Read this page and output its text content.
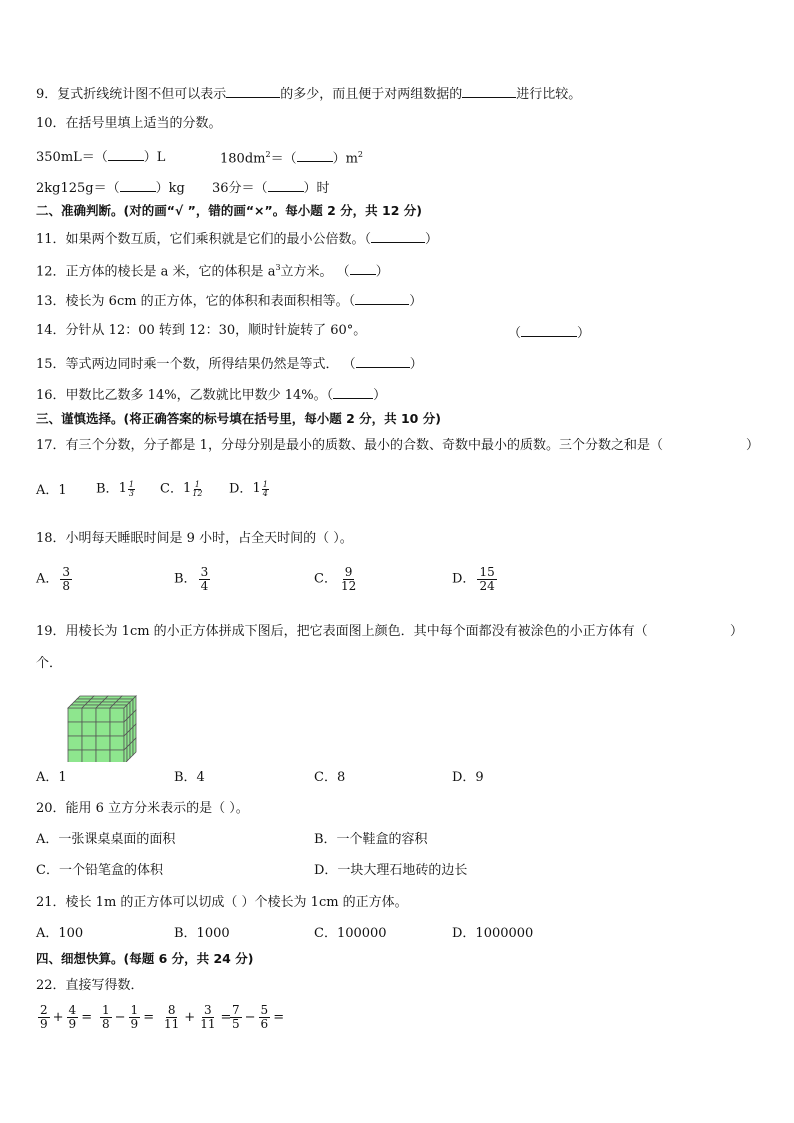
9．复式折线统计图不但可以表示	的多少，而且便于对两组数据的	进行比较。
10．在括号里填上适当的分数。
350mL＝（	）L	$180dm^2=$（	）$m^2$
2kg125g＝（	）kg 36分＝（	）时
二、准确判断。(对的画“√ ”，错的画“×”。每小题 2 分，共 12 分)
11．如果两个数互质，它们乘积就是它们的最小公倍数。（	）
12．正方体的棱长是 a 米，它的体积是 $a^3$立方米。 （ ）
13．棱长为 6cm 的正方体，它的体积和表面积相等。（	）
14．分针从 12：00 转到 12：30，顺时针旋转了 60°。	（	）
15．等式两边同时乘一个数，所得结果仍然是等式． （	）
16．甲数比乙数多 14%，乙数就比甲数少 14%。（	）
三、谨慎选择。(将正确答案的标号填在括号里，每小题 2 分，共 10 分)
17．有三个分数，分子都是 1，分母分别是最小的质数、最小的合数、奇数中最小的质数。三个分数之和是（	）
A．1 B． $1 \frac{1}{3}$ C． $1 \frac{1}{12}$ D． $1 \frac{1}{4}$
18．小明每天睡眠时间是 9 小时，占全天时间的（ ）。
A． $\frac{3}{8}$	B． $\frac{3}{4}$	C． $\frac{9}{12}$	D． $\frac{15}{24}$
19．用棱长为 1cm 的小正方体拼成下图后，把它表面图上颜色．其中每个面都没有被涂色的小正方体有（	）
个．
A．1	B．4	C．8	D．9
20．能用 6 立方分米表示的是（ ）。
A．一张课桌桌面的面积	B．一个鞋盒的容积
C．一个铅笔盒的体积	D．一块大理石地砖的边长
21．棱长 1m 的正方体可以切成（ ）个棱长为 1cm 的正方体。
A．100	B．1000	C．100000	D．1000000
四、细想快算。(每题 6 分，共 24 分)
22．直接写得数．
$\frac{2}{9} + \frac{4}{9} = \frac{1}{8} - \frac{1}{9} = \frac{8}{11} + \frac{3}{11}$ =
$\frac{7}{5} - \frac{5}{6}$ =
